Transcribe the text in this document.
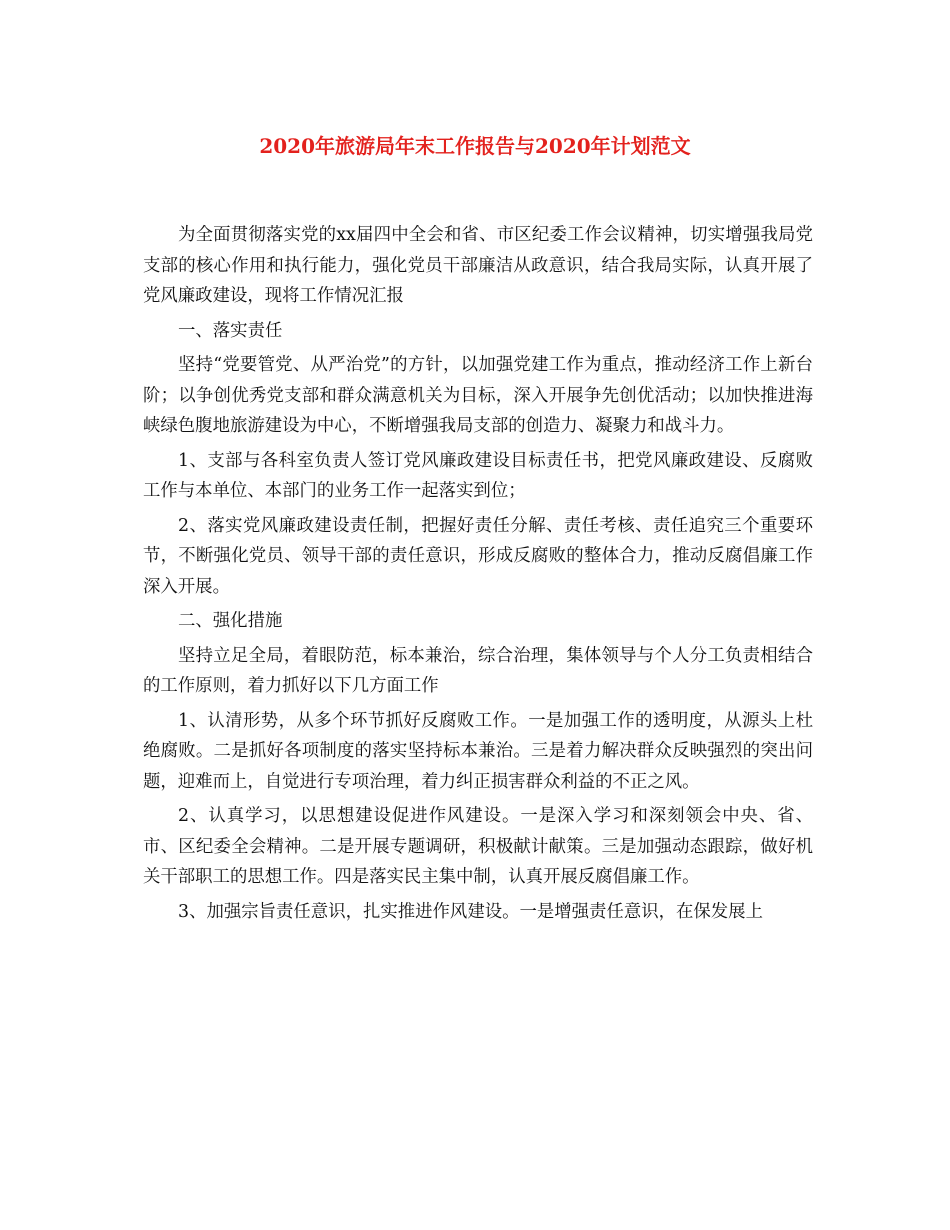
2020年旅游局年末工作报告与2020年计划范文

为全面贯彻落实党的xx届四中全会和省、市区纪委工作会议精神，切实增强我局党支部的核心作用和执行能力，强化党员干部廉洁从政意识，结合我局实际，认真开展了党风廉政建设，现将工作情况汇报

一、落实责任

坚持“党要管党、从严治党”的方针，以加强党建工作为重点，推动经济工作上新台阶；以争创优秀党支部和群众满意机关为目标，深入开展争先创优活动；以加快推进海峡绿色腹地旅游建设为中心，不断增强我局支部的创造力、凝聚力和战斗力。

1、支部与各科室负责人签订党风廉政建设目标责任书，把党风廉政建设、反腐败工作与本单位、本部门的业务工作一起落实到位；

2、落实党风廉政建设责任制，把握好责任分解、责任考核、责任追究三个重要环节，不断强化党员、领导干部的责任意识，形成反腐败的整体合力，推动反腐倡廉工作深入开展。

二、强化措施

坚持立足全局，着眼防范，标本兼治，综合治理，集体领导与个人分工负责相结合的工作原则，着力抓好以下几方面工作

1、认清形势，从多个环节抓好反腐败工作。一是加强工作的透明度，从源头上杜绝腐败。二是抓好各项制度的落实坚持标本兼治。三是着力解决群众反映强烈的突出问题，迎难而上，自觉进行专项治理，着力纠正损害群众利益的不正之风。

2、认真学习，以思想建设促进作风建设。一是深入学习和深刻领会中央、省、市、区纪委全会精神。二是开展专题调研，积极献计献策。三是加强动态跟踪，做好机关干部职工的思想工作。四是落实民主集中制，认真开展反腐倡廉工作。

3、加强宗旨责任意识，扎实推进作风建设。一是增强责任意识，在保发展上
